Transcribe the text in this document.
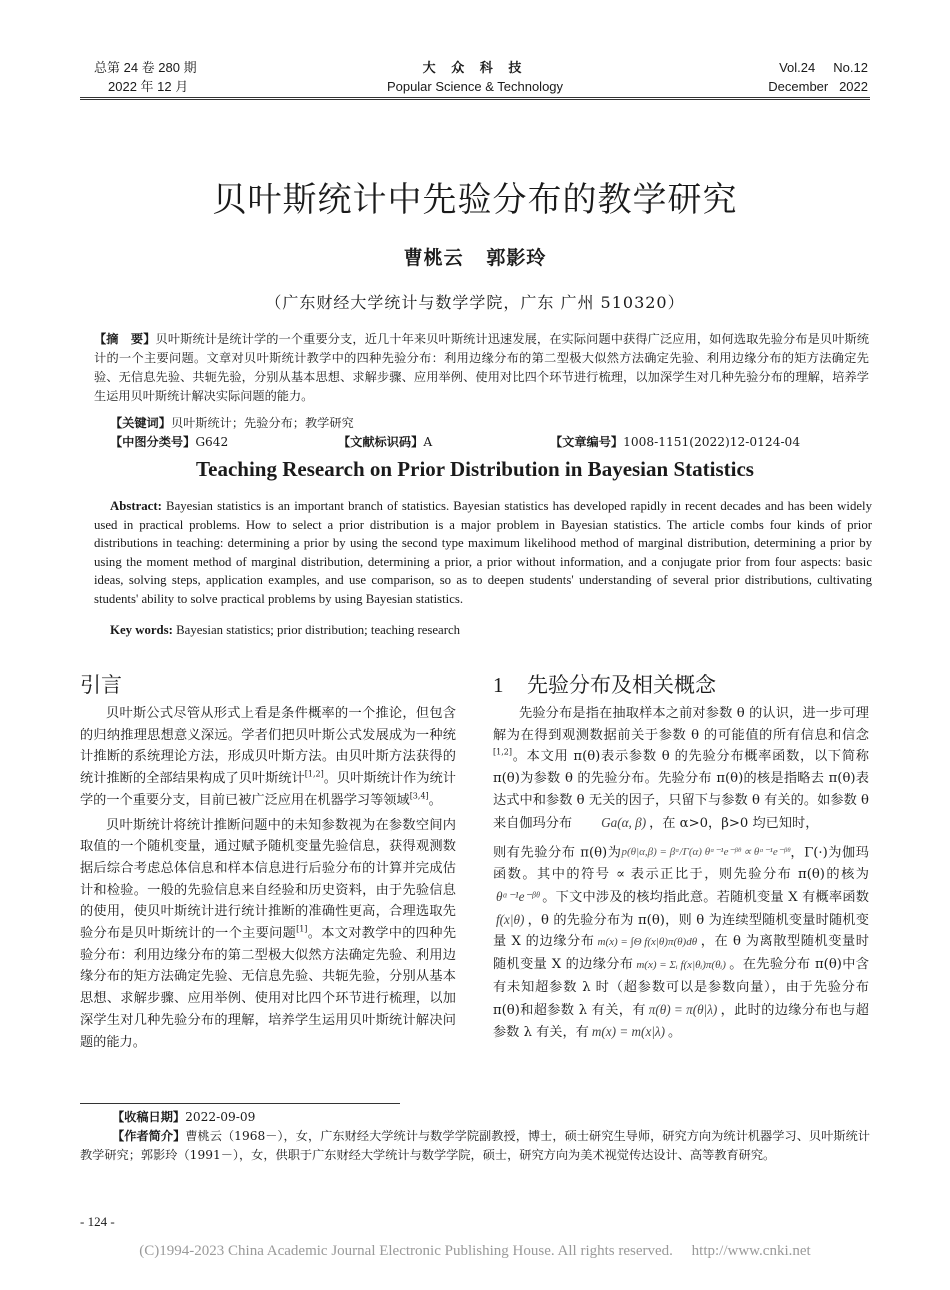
总第 24 卷 280 期
2022 年 12 月
大 众 科 技
Popular Science & Technology
Vol.24     No.12
December   2022
贝叶斯统计中先验分布的教学研究
曹桃云   郭影玲
（广东财经大学统计与数学学院，广东 广州 510320）
【摘　要】贝叶斯统计是统计学的一个重要分支，近几十年来贝叶斯统计迅速发展，在实际问题中获得广泛应用，如何选取先验分布是贝叶斯统计的一个主要问题。文章对贝叶斯统计教学中的四种先验分布：利用边缘分布的第二型极大似然方法确定先验、利用边缘分布的矩方法确定先验、无信息先验、共轭先验，分别从基本思想、求解步骤、应用举例、使用对比四个环节进行梳理，以加深学生对几种先验分布的理解，培养学生运用贝叶斯统计解决实际问题的能力。
【关键词】贝叶斯统计；先验分布；教学研究
【中图分类号】G642	【文献标识码】A	【文章编号】1008-1151(2022)12-0124-04
Teaching Research on Prior Distribution in Bayesian Statistics
Abstract: Bayesian statistics is an important branch of statistics. Bayesian statistics has developed rapidly in recent decades and has been widely used in practical problems. How to select a prior distribution is a major problem in Bayesian statistics. The article combs four kinds of prior distributions in teaching: determining a prior by using the second type maximum likelihood method of marginal distribution, determining a prior by using the moment method of marginal distribution, determining a prior, a prior without information, and a conjugate prior from four aspects: basic ideas, solving steps, application examples, and use comparison, so as to deepen students' understanding of several prior distributions, cultivating students' ability to solve practical problems by using Bayesian statistics.
Key words: Bayesian statistics; prior distribution; teaching research
引言	1 先验分布及相关概念

贝叶斯公式尽管从形式上看是条件概率的一个推论，但包含的归纳推理思想意义深远。学者们把贝叶斯公式发展成为一种统计推断的系统理论方法，形成贝叶斯方法。由贝叶斯方法获得的统计推断的全部结果构成了贝叶斯统计[1,2]。贝叶斯统计作为统计学的一个重要分支，目前已被广泛应用在机器学习等领域[3,4]。

贝叶斯统计将统计推断问题中的未知参数视为在参数空间内取值的一个随机变量，通过赋予随机变量先验信息，获得观测数据后综合考虑总体信息和样本信息进行后验分布的计算并完成估计和检验。一般的先验信息来自经验和历史资料，由于先验信息的使用，使贝叶斯统计进行统计推断的准确性更高，合理选取先验分布是贝叶斯统计的一个主要问题[1]。本文对教学中的四种先验分布：利用边缘分布的第二型极大似然方法确定先验、利用边缘分布的矩方法确定先验、无信息先验、共轭先验，分别从基本思想、求解步骤、应用举例、使用对比四个环节进行梳理，以加深学生对几种先验分布的理解，培养学生运用贝叶斯统计解决问题的能力。

先验分布是指在抽取样本之前对参数 θ 的认识，进一步可理解为在得到观测数据前关于参数 θ 的可能值的所有信息和信念[1,2]。本文用 π(θ)表示参数 θ 的先验分布概率函数，以下简称 π(θ)为参数 θ 的先验分布。先验分布 π(θ)的核是指略去 π(θ)表达式中和参数 θ 无关的因子，只留下与参数 θ 有关的。如参数 θ 来自伽玛分布 Ga(α, β) ，在 α>0，β>0 均已知时，

则有先验分布 π(θ)为p(θ|α,β) = βᵅ/Γ(α) θᵅ⁻¹e⁻ᵝᶿ ∝ θᵅ⁻¹e⁻ᵝᶿ，Γ(·)为伽玛函数。其中的符号 ∝ 表示正比于，则先验分布 π(θ)的核为θᵅ⁻¹e⁻ᵝᶿ 。下文中涉及的核均指此意。若随机变量 X 有概率函数f(x|θ) ，θ 的先验分布为 π(θ)，则 θ 为连续型随机变量时随机变量 X 的边缘分布 m(x) = ∫Θ f(x|θ)π(θ)dθ ，在 θ 为离散型随机变量时随机变量 X 的边缘分布 m(x) = Σᵢ f(x|θᵢ)π(θᵢ) 。在先验分布 π(θ)中含有未知超参数 λ 时（超参数可以是参数向量），由于先验分布 π(θ)和超参数 λ 有关，有 π(θ) = π(θ|λ) ，此时的边缘分布也与超参数 λ 有关，有 m(x) = m(x|λ) 。

【收稿日期】2022-09-09
【作者简介】曹桃云（1968－），女，广东财经大学统计与数学学院副教授，博士，硕士研究生导师，研究方向为统计机器学习、贝叶斯统计教学研究；郭影玲（1991－），女，供职于广东财经大学统计与数学学院，硕士，研究方向为美术视觉传达设计、高等教育研究。
- 124 -
(C)1994-2023 China Academic Journal Electronic Publishing House. All rights reserved.     http://www.cnki.net
